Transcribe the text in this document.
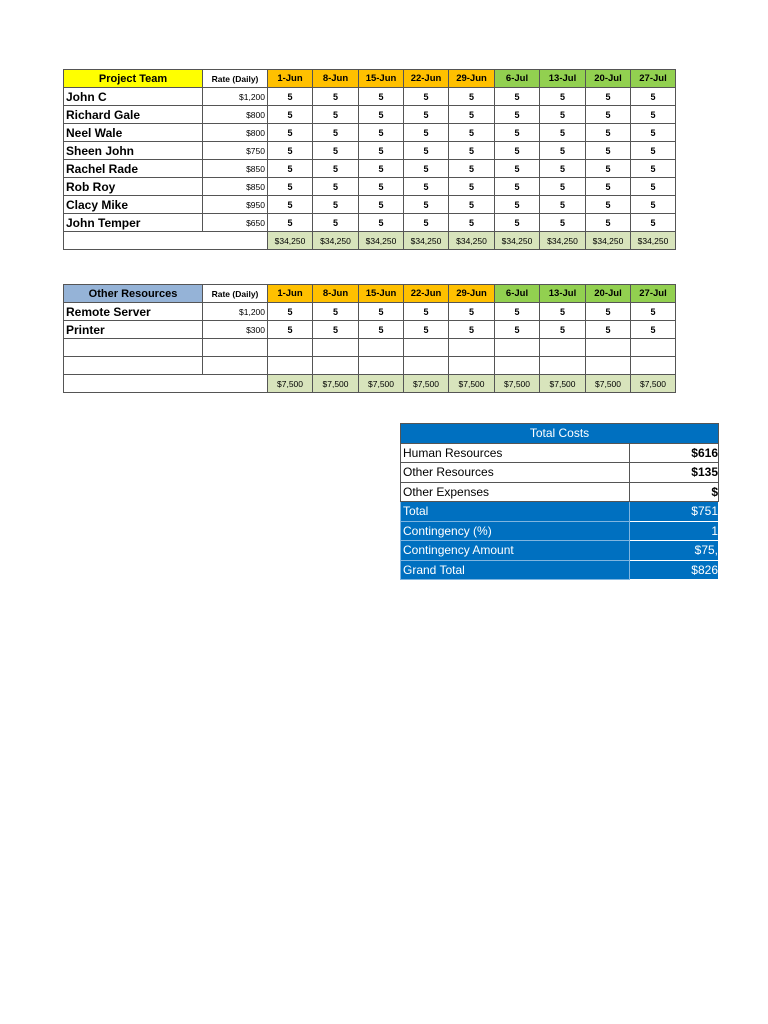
Project Team	Rate (Daily)	1-Jun	8-Jun	15-Jun	22-Jun	29-Jun	6-Jul	13-Jul	20-Jul	27-Jul
John C	$1,200	5	5	5	5	5	5	5	5	5
Richard Gale	$800	5	5	5	5	5	5	5	5	5
Neel Wale	$800	5	5	5	5	5	5	5	5	5
Sheen John	$750	5	5	5	5	5	5	5	5	5
Rachel Rade	$850	5	5	5	5	5	5	5	5	5
Rob Roy	$850	5	5	5	5	5	5	5	5	5
Clacy Mike	$950	5	5	5	5	5	5	5	5	5
John Temper	$650	5	5	5	5	5	5	5	5	5
		$34,250	$34,250	$34,250	$34,250	$34,250	$34,250	$34,250	$34,250	$34,250
Other Resources	Rate (Daily)	1-Jun	8-Jun	15-Jun	22-Jun	29-Jun	6-Jul	13-Jul	20-Jul	27-Jul
Remote Server	$1,200	5	5	5	5	5	5	5	5	5
Printer	$300	5	5	5	5	5	5	5	5	5

		$7,500	$7,500	$7,500	$7,500	$7,500	$7,500	$7,500	$7,500	$7,500
Total Costs	
Human Resources	$616
Other Resources	$135
Other Expenses	$
Total	$751
Contingency (%)	1
Contingency Amount	$75,
Grand Total	$826
